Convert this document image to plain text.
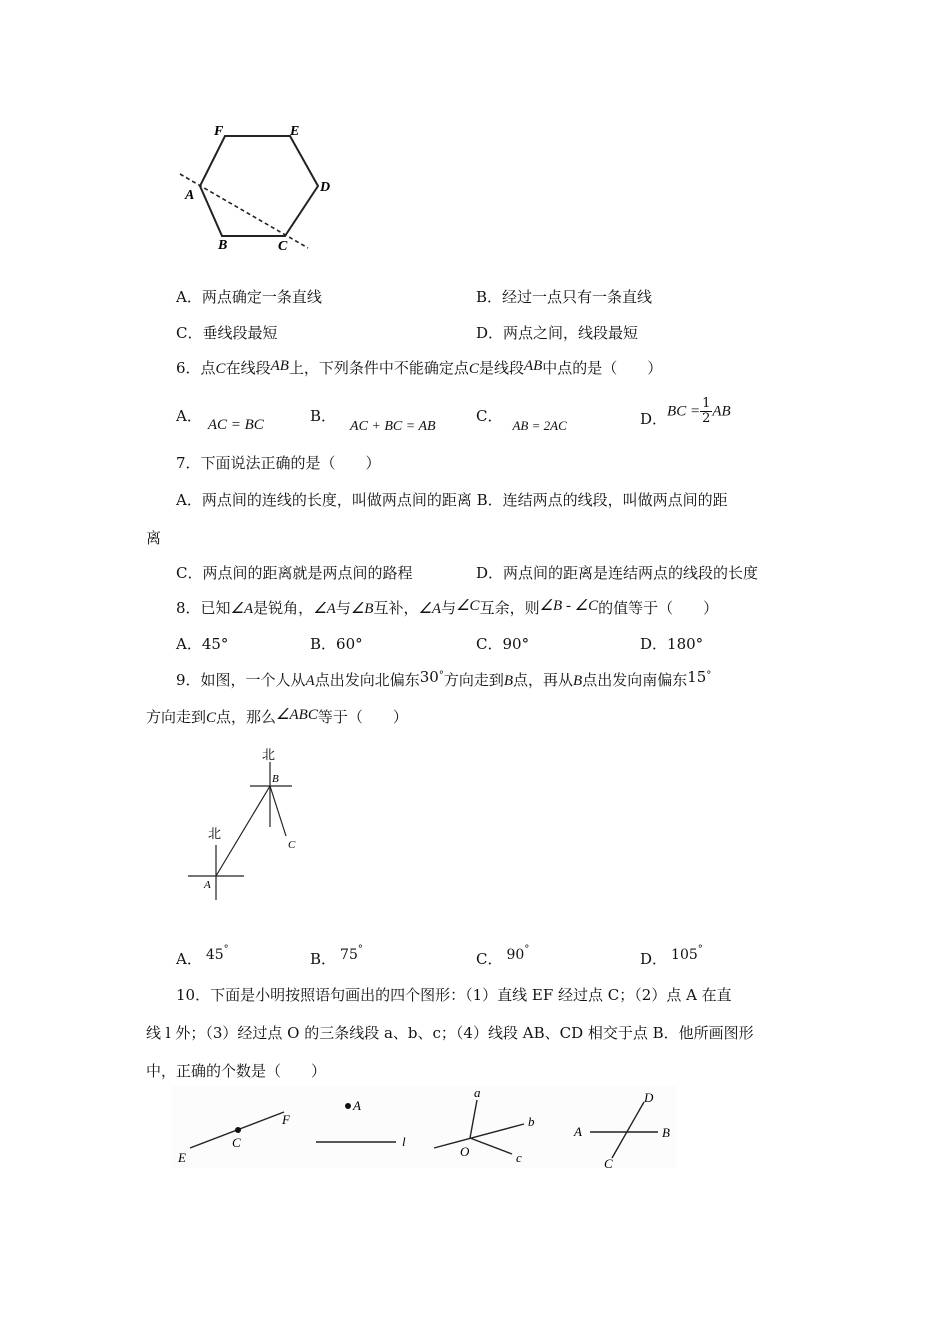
F	E
D
A
B	C
A．两点确定一条直线	B．经过一点只有一条直线
C．垂线段最短	D．两点之间，线段最短
6．点C在线段AB上，下列条件中不能确定点C是线段AB中点的是（　　）
A． AC = BC	B．AC + BC = AB
C．AB = 2AC	D．BC = $\frac{1}{2}$ AB
7．下面说法正确的是（　　）
A．两点间的连线的长度，叫做两点间的距离 B．连结两点的线段，叫做两点间的距
离
C．两点间的距离就是两点间的路程	D．两点间的距离是连结两点的线段的长度
8．已知∠A是锐角，∠A与∠B互补，∠A与∠C互余，则∠B - ∠C的值等于（　　）
A．45°	B．60°	C．90°	D．180°
9．如图，一个人从A点出发向北偏东30°方向走到B点，再从B点出发向南偏东15°
方向走到C点，那么∠ABC等于（　　）
北
B
北
C
A
A． 45°
B． 75°
C． 90°
D． 105°
10．下面是小明按照语句画出的四个图形：（1）直线 EF 经过点 C；（2）点 A 在直
线 l 外；（3）经过点 O 的三条线段 a、b、c；（4）线段 AB、CD 相交于点 B．他所画图形
中，正确的个数是（　　）
E
C
F
A
l
a
b
O	c
D
A	B
C
